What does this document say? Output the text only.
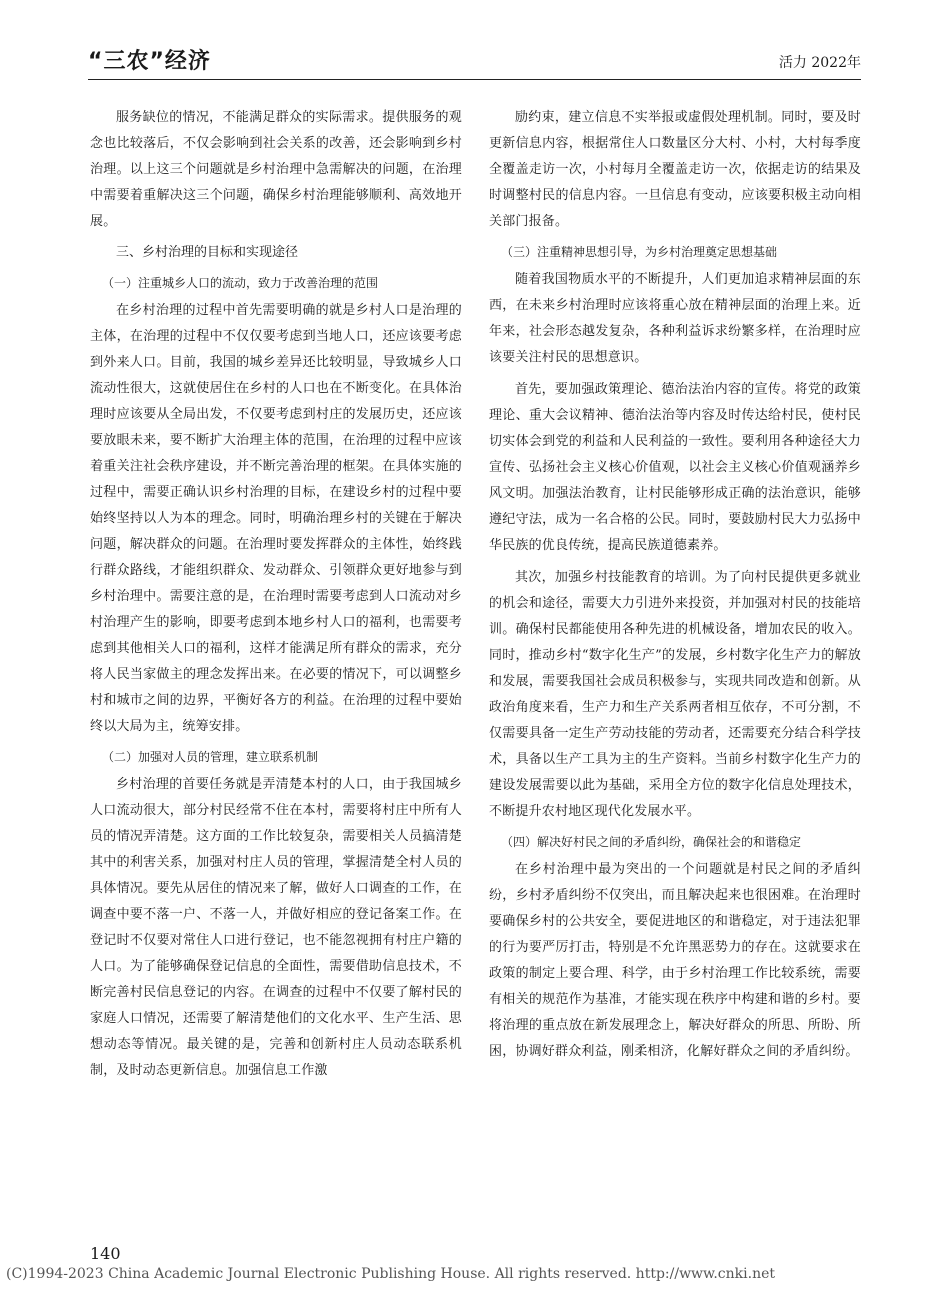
“三农”经济	活力 2022年

服务缺位的情况，不能满足群众的实际需求。提供服务的观念也比较落后，不仅会影响到社会关系的改善，还会影响到乡村治理。以上这三个问题就是乡村治理中急需解决的问题，在治理中需要着重解决这三个问题，确保乡村治理能够顺利、高效地开展。

三、乡村治理的目标和实现途径

（一）注重城乡人口的流动，致力于改善治理的范围

在乡村治理的过程中首先需要明确的就是乡村人口是治理的主体，在治理的过程中不仅仅要考虑到当地人口，还应该要考虑到外来人口。目前，我国的城乡差异还比较明显，导致城乡人口流动性很大，这就使居住在乡村的人口也在不断变化。在具体治理时应该要从全局出发，不仅要考虑到村庄的发展历史，还应该要放眼未来，要不断扩大治理主体的范围，在治理的过程中应该着重关注社会秩序建设，并不断完善治理的框架。在具体实施的过程中，需要正确认识乡村治理的目标，在建设乡村的过程中要始终坚持以人为本的理念。同时，明确治理乡村的关键在于解决问题，解决群众的问题。在治理时要发挥群众的主体性，始终践行群众路线，才能组织群众、发动群众、引领群众更好地参与到乡村治理中。需要注意的是，在治理时需要考虑到人口流动对乡村治理产生的影响，即要考虑到本地乡村人口的福利，也需要考虑到其他相关人口的福利，这样才能满足所有群众的需求，充分将人民当家做主的理念发挥出来。在必要的情况下，可以调整乡村和城市之间的边界，平衡好各方的利益。在治理的过程中要始终以大局为主，统筹安排。

（二）加强对人员的管理，建立联系机制

乡村治理的首要任务就是弄清楚本村的人口，由于我国城乡人口流动很大，部分村民经常不住在本村，需要将村庄中所有人员的情况弄清楚。这方面的工作比较复杂，需要相关人员搞清楚其中的利害关系，加强对村庄人员的管理，掌握清楚全村人员的具体情况。要先从居住的情况来了解，做好人口调查的工作，在调查中要不落一户、不落一人，并做好相应的登记备案工作。在登记时不仅要对常住人口进行登记，也不能忽视拥有村庄户籍的人口。为了能够确保登记信息的全面性，需要借助信息技术，不断完善村民信息登记的内容。在调查的过程中不仅要了解村民的家庭人口情况，还需要了解清楚他们的文化水平、生产生活、思想动态等情况。最关键的是，完善和创新村庄人员动态联系机制，及时动态更新信息。加强信息工作激

励约束，建立信息不实举报或虚假处理机制。同时，要及时更新信息内容，根据常住人口数量区分大村、小村，大村每季度全覆盖走访一次，小村每月全覆盖走访一次，依据走访的结果及时调整村民的信息内容。一旦信息有变动，应该要积极主动向相关部门报备。

（三）注重精神思想引导，为乡村治理奠定思想基础

随着我国物质水平的不断提升，人们更加追求精神层面的东西，在未来乡村治理时应该将重心放在精神层面的治理上来。近年来，社会形态越发复杂，各种利益诉求纷繁多样，在治理时应该要关注村民的思想意识。

首先，要加强政策理论、德治法治内容的宣传。将党的政策理论、重大会议精神、德治法治等内容及时传达给村民，使村民切实体会到党的利益和人民利益的一致性。要利用各种途径大力宣传、弘扬社会主义核心价值观，以社会主义核心价值观涵养乡风文明。加强法治教育，让村民能够形成正确的法治意识，能够遵纪守法，成为一名合格的公民。同时，要鼓励村民大力弘扬中华民族的优良传统，提高民族道德素养。

其次，加强乡村技能教育的培训。为了向村民提供更多就业的机会和途径，需要大力引进外来投资，并加强对村民的技能培训。确保村民都能使用各种先进的机械设备，增加农民的收入。同时，推动乡村“数字化生产”的发展，乡村数字化生产力的解放和发展，需要我国社会成员积极参与，实现共同改造和创新。从政治角度来看，生产力和生产关系两者相互依存，不可分割，不仅需要具备一定生产劳动技能的劳动者，还需要充分结合科学技术，具备以生产工具为主的生产资料。当前乡村数字化生产力的建设发展需要以此为基础，采用全方位的数字化信息处理技术，不断提升农村地区现代化发展水平。

（四）解决好村民之间的矛盾纠纷，确保社会的和谐稳定

在乡村治理中最为突出的一个问题就是村民之间的矛盾纠纷，乡村矛盾纠纷不仅突出，而且解决起来也很困难。在治理时要确保乡村的公共安全，要促进地区的和谐稳定，对于违法犯罪的行为要严厉打击，特别是不允许黑恶势力的存在。这就要求在政策的制定上要合理、科学，由于乡村治理工作比较系统，需要有相关的规范作为基准，才能实现在秩序中构建和谐的乡村。要将治理的重点放在新发展理念上，解决好群众的所思、所盼、所困，协调好群众利益，刚柔相济，化解好群众之间的矛盾纠纷。

140
(C)1994-2023 China Academic Journal Electronic Publishing House. All rights reserved. http://www.cnki.net
